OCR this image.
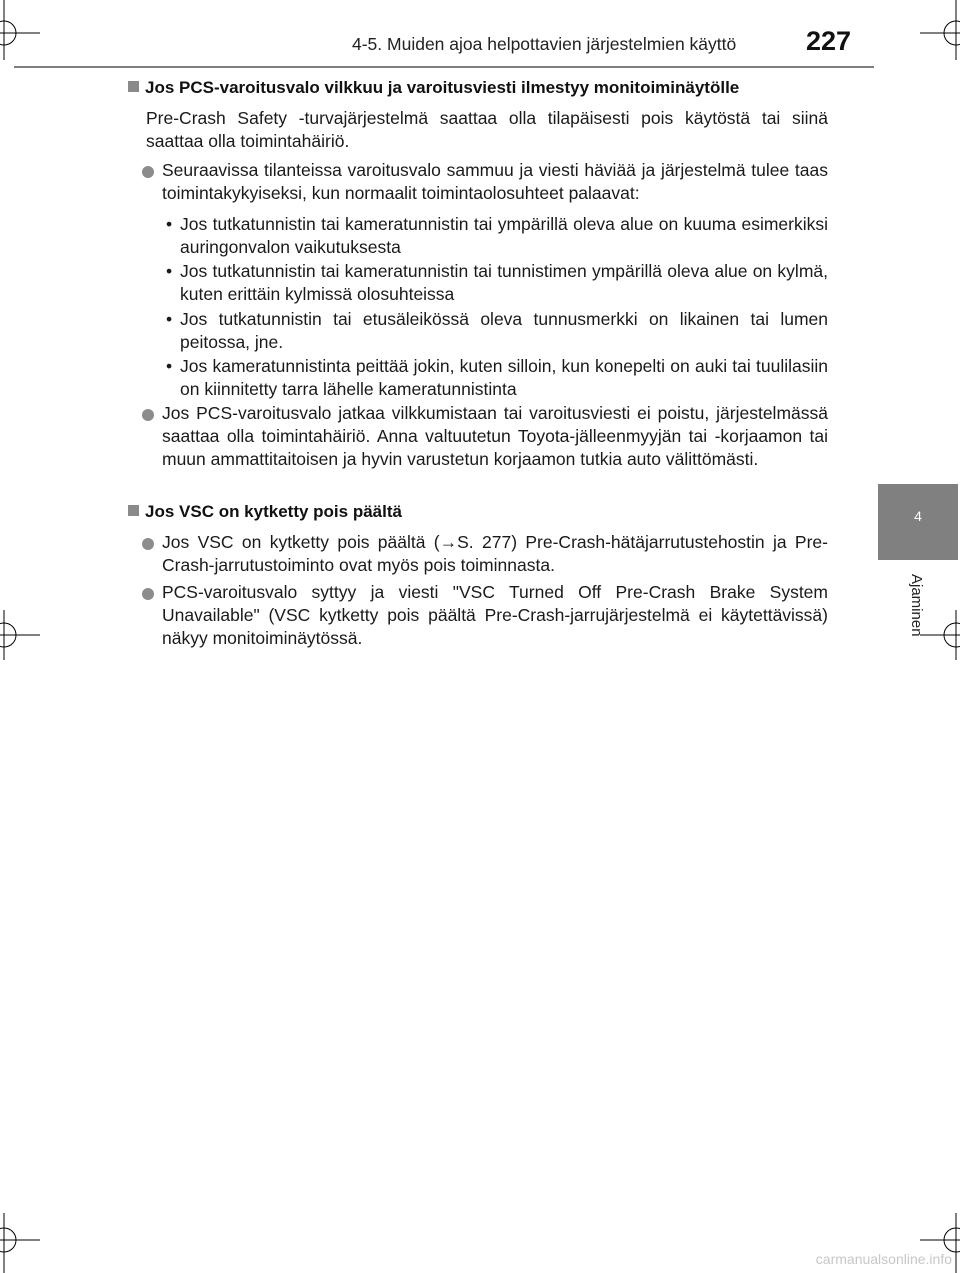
4-5. Muiden ajoa helpottavien järjestelmien käyttö	227
4
Ajaminen
Jos PCS-varoitusvalo vilkkuu ja varoitusviesti ilmestyy monitoiminäytölle
Pre-Crash Safety -turvajärjestelmä saattaa olla tilapäisesti pois käytöstä tai siinä saattaa olla toimintahäiriö.
Seuraavissa tilanteissa varoitusvalo sammuu ja viesti häviää ja järjestelmä tulee taas toimintakykyiseksi, kun normaalit toimintaolosuhteet palaavat:
• Jos tutkatunnistin tai kameratunnistin tai ympärillä oleva alue on kuuma esimerkiksi auringonvalon vaikutuksesta
• Jos tutkatunnistin tai kameratunnistin tai tunnistimen ympärillä oleva alue on kylmä, kuten erittäin kylmissä olosuhteissa
• Jos tutkatunnistin tai etusäleikössä oleva tunnusmerkki on likainen tai lumen peitossa, jne.
• Jos kameratunnistinta peittää jokin, kuten silloin, kun konepelti on auki tai tuulilasiin on kiinnitetty tarra lähelle kameratunnistinta
Jos PCS-varoitusvalo jatkaa vilkkumistaan tai varoitusviesti ei poistu, järjestelmässä saattaa olla toimintahäiriö. Anna valtuutetun Toyota-jälleenmyyjän tai -korjaamon tai muun ammattitaitoisen ja hyvin varustetun korjaamon tutkia auto välittömästi.
Jos VSC on kytketty pois päältä
Jos VSC on kytketty pois päältä (→S. 277) Pre-Crash-hätäjarrutustehostin ja Pre-Crash-jarrutustoiminto ovat myös pois toiminnasta.
PCS-varoitusvalo syttyy ja viesti "VSC Turned Off Pre-Crash Brake System Unavailable" (VSC kytketty pois päältä Pre-Crash-jarrujärjestelmä ei käytettävissä) näkyy monitoiminäytössä.
carmanualsonline.info
